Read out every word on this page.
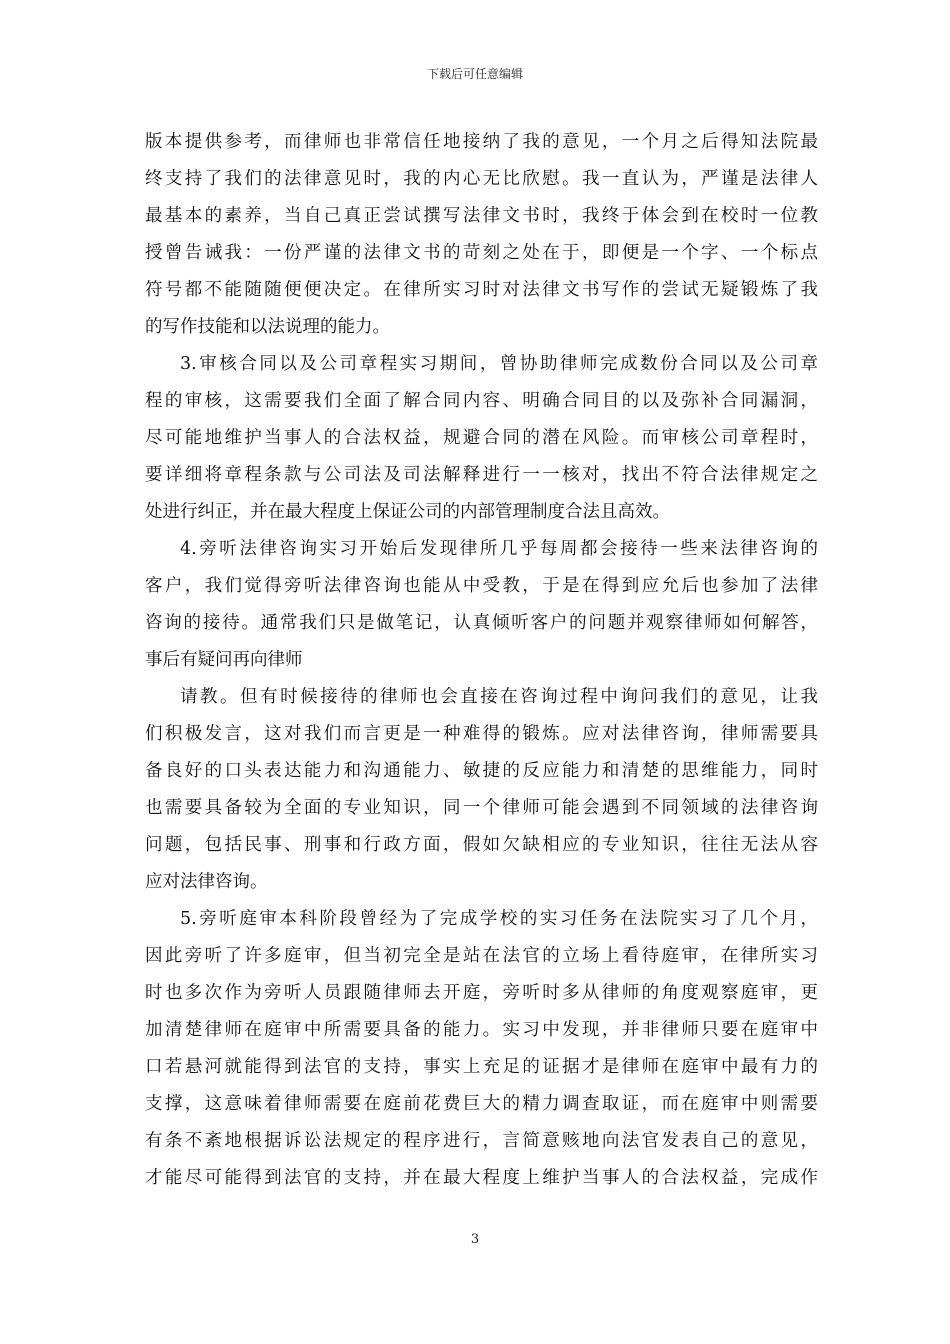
下载后可任意编辑
版本提供参考，而律师也非常信任地接纳了我的意见，一个月之后得知法院最
终支持了我们的法律意见时，我的内心无比欣慰。我一直认为，严谨是法律人
最基本的素养，当自己真正尝试撰写法律文书时，我终于体会到在校时一位教
授曾告诫我：一份严谨的法律文书的苛刻之处在于，即便是一个字、一个标点
符号都不能随随便便决定。在律所实习时对法律文书写作的尝试无疑锻炼了我
的写作技能和以法说理的能力。
3.审核合同以及公司章程实习期间，曾协助律师完成数份合同以及公司章
程的审核，这需要我们全面了解合同内容、明确合同目的以及弥补合同漏洞，
尽可能地维护当事人的合法权益，规避合同的潜在风险。而审核公司章程时，
要详细将章程条款与公司法及司法解释进行一一核对，找出不符合法律规定之
处进行纠正，并在最大程度上保证公司的内部管理制度合法且高效。
4.旁听法律咨询实习开始后发现律所几乎每周都会接待一些来法律咨询的
客户，我们觉得旁听法律咨询也能从中受教，于是在得到应允后也参加了法律
咨询的接待。通常我们只是做笔记，认真倾听客户的问题并观察律师如何解答，
事后有疑问再向律师
请教。但有时候接待的律师也会直接在咨询过程中询问我们的意见，让我
们积极发言，这对我们而言更是一种难得的锻炼。应对法律咨询，律师需要具
备良好的口头表达能力和沟通能力、敏捷的反应能力和清楚的思维能力，同时
也需要具备较为全面的专业知识，同一个律师可能会遇到不同领域的法律咨询
问题，包括民事、刑事和行政方面，假如欠缺相应的专业知识，往往无法从容
应对法律咨询。
5.旁听庭审本科阶段曾经为了完成学校的实习任务在法院实习了几个月，
因此旁听了许多庭审，但当初完全是站在法官的立场上看待庭审，在律所实习
时也多次作为旁听人员跟随律师去开庭，旁听时多从律师的角度观察庭审，更
加清楚律师在庭审中所需要具备的能力。实习中发现，并非律师只要在庭审中
口若悬河就能得到法官的支持，事实上充足的证据才是律师在庭审中最有力的
支撑，这意味着律师需要在庭前花费巨大的精力调查取证，而在庭审中则需要
有条不紊地根据诉讼法规定的程序进行，言简意赅地向法官发表自己的意见，
才能尽可能得到法官的支持，并在最大程度上维护当事人的合法权益，完成作
3
